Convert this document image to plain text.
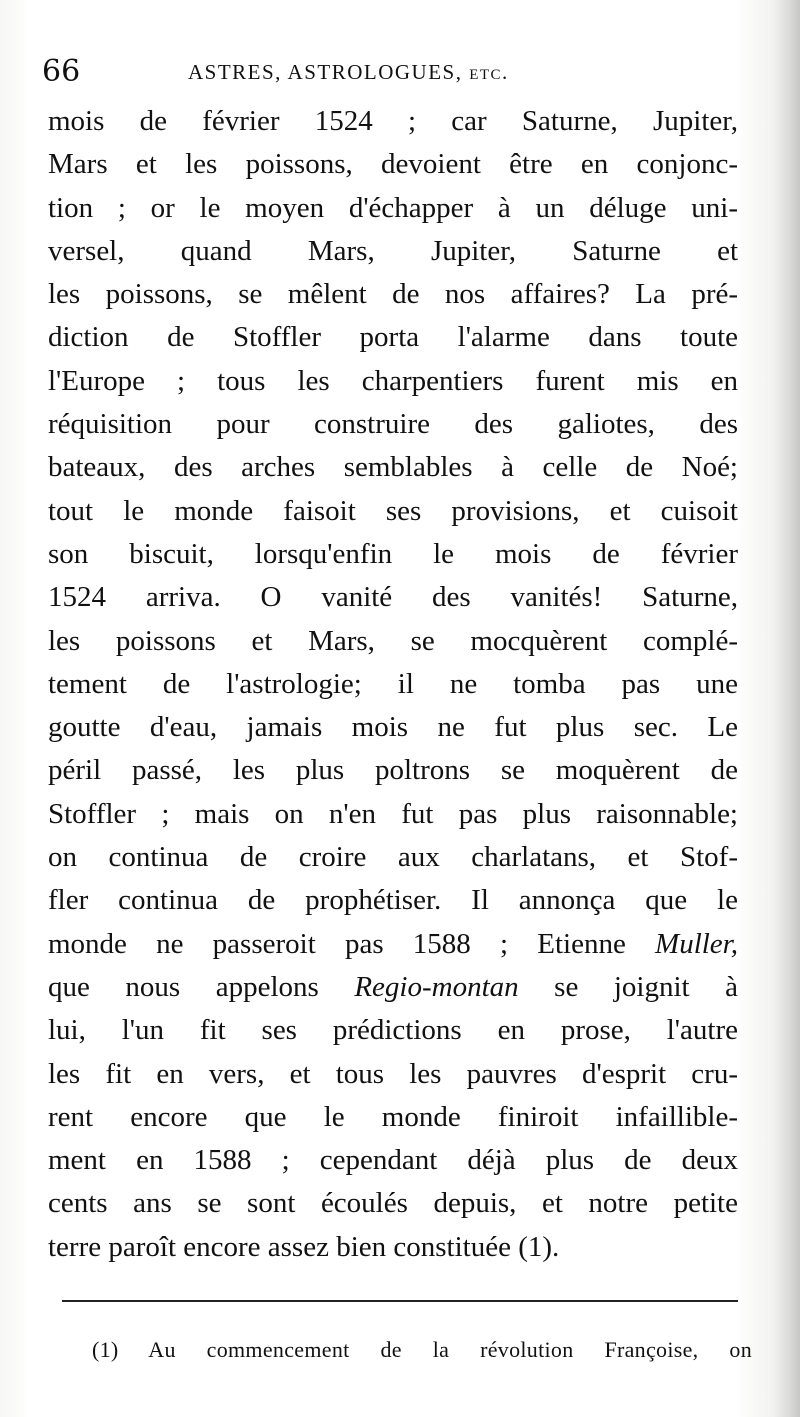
66	ASTRES, ASTROLOGUES, etc.
mois de février 1524 ; car Saturne, Jupiter,
Mars et les poissons, devoient être en conjonc-
tion ; or le moyen d'échapper à un déluge uni-
versel, quand Mars, Jupiter, Saturne et
les poissons, se mêlent de nos affaires? La pré-
diction de Stoffler porta l'alarme dans toute
l'Europe ; tous les charpentiers furent mis en
réquisition pour construire des galiotes, des
bateaux, des arches semblables à celle de Noé;
tout le monde faisoit ses provisions, et cuisoit
son biscuit, lorsqu'enfin le mois de février
1524 arriva. O vanité des vanités! Saturne,
les poissons et Mars, se mocquèrent complé-
tement de l'astrologie; il ne tomba pas une
goutte d'eau, jamais mois ne fut plus sec. Le
péril passé, les plus poltrons se moquèrent de
Stoffler ; mais on n'en fut pas plus raisonnable;
on continua de croire aux charlatans, et Stof-
fler continua de prophétiser. Il annonça que le
monde ne passeroit pas 1588 ; Etienne Muller,
que nous appelons Regio-montan se joignit à
lui, l'un fit ses prédictions en prose, l'autre
les fit en vers, et tous les pauvres d'esprit cru-
rent encore que le monde finiroit infaillible-
ment en 1588 ; cependant déjà plus de deux
cents ans se sont écoulés depuis, et notre petite
terre paroît encore assez bien constituée (1).
(1) Au commencement de la révolution Françoise, on
